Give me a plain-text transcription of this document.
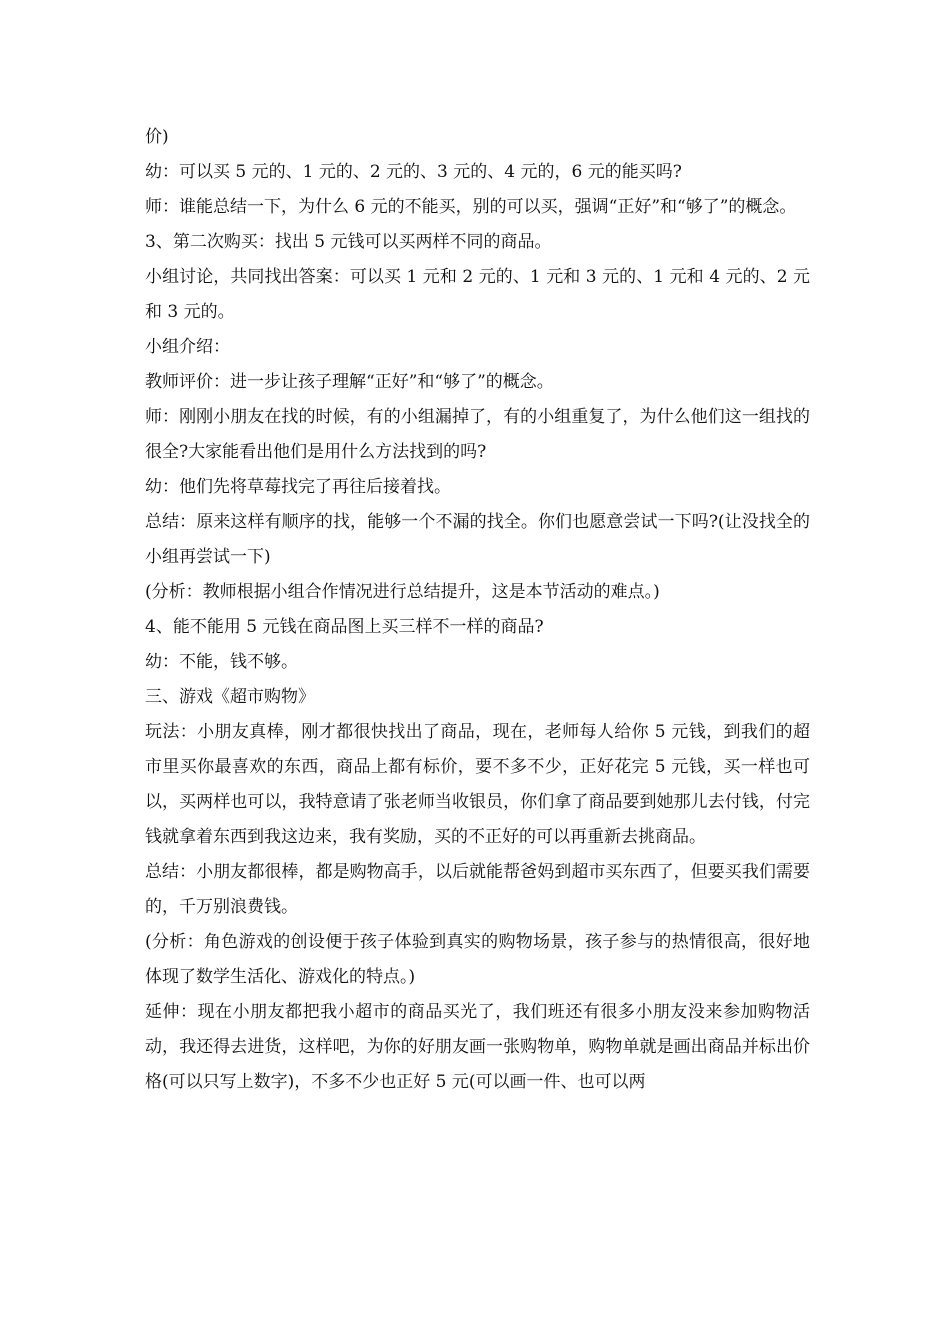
价)

幼：可以买 5 元的、1 元的、2 元的、3 元的、4 元的，6 元的能买吗?

师：谁能总结一下，为什么 6 元的不能买，别的可以买，强调“正好”和“够了”的概念。

3、第二次购买：找出 5 元钱可以买两样不同的商品。

小组讨论，共同找出答案：可以买 1 元和 2 元的、1 元和 3 元的、1 元和 4 元的、2 元和 3 元的。

小组介绍：

教师评价：进一步让孩子理解“正好”和“够了”的概念。

师：刚刚小朋友在找的时候，有的小组漏掉了，有的小组重复了，为什么他们这一组找的很全?大家能看出他们是用什么方法找到的吗?

幼：他们先将草莓找完了再往后接着找。

总结：原来这样有顺序的找，能够一个不漏的找全。你们也愿意尝试一下吗?(让没找全的小组再尝试一下)

(分析：教师根据小组合作情况进行总结提升，这是本节活动的难点。)

4、能不能用 5 元钱在商品图上买三样不一样的商品?

幼：不能，钱不够。

三、游戏《超市购物》

玩法：小朋友真棒，刚才都很快找出了商品，现在，老师每人给你 5 元钱，到我们的超市里买你最喜欢的东西，商品上都有标价，要不多不少，正好花完 5 元钱，买一样也可以，买两样也可以，我特意请了张老师当收银员，你们拿了商品要到她那儿去付钱，付完钱就拿着东西到我这边来，我有奖励，买的不正好的可以再重新去挑商品。

总结：小朋友都很棒，都是购物高手，以后就能帮爸妈到超市买东西了，但要买我们需要的，千万别浪费钱。

(分析：角色游戏的创设便于孩子体验到真实的购物场景，孩子参与的热情很高，很好地体现了数学生活化、游戏化的特点。)

延伸：现在小朋友都把我小超市的商品买光了，我们班还有很多小朋友没来参加购物活动，我还得去进货，这样吧，为你的好朋友画一张购物单，购物单就是画出商品并标出价格(可以只写上数字)，不多不少也正好 5 元(可以画一件、也可以两
